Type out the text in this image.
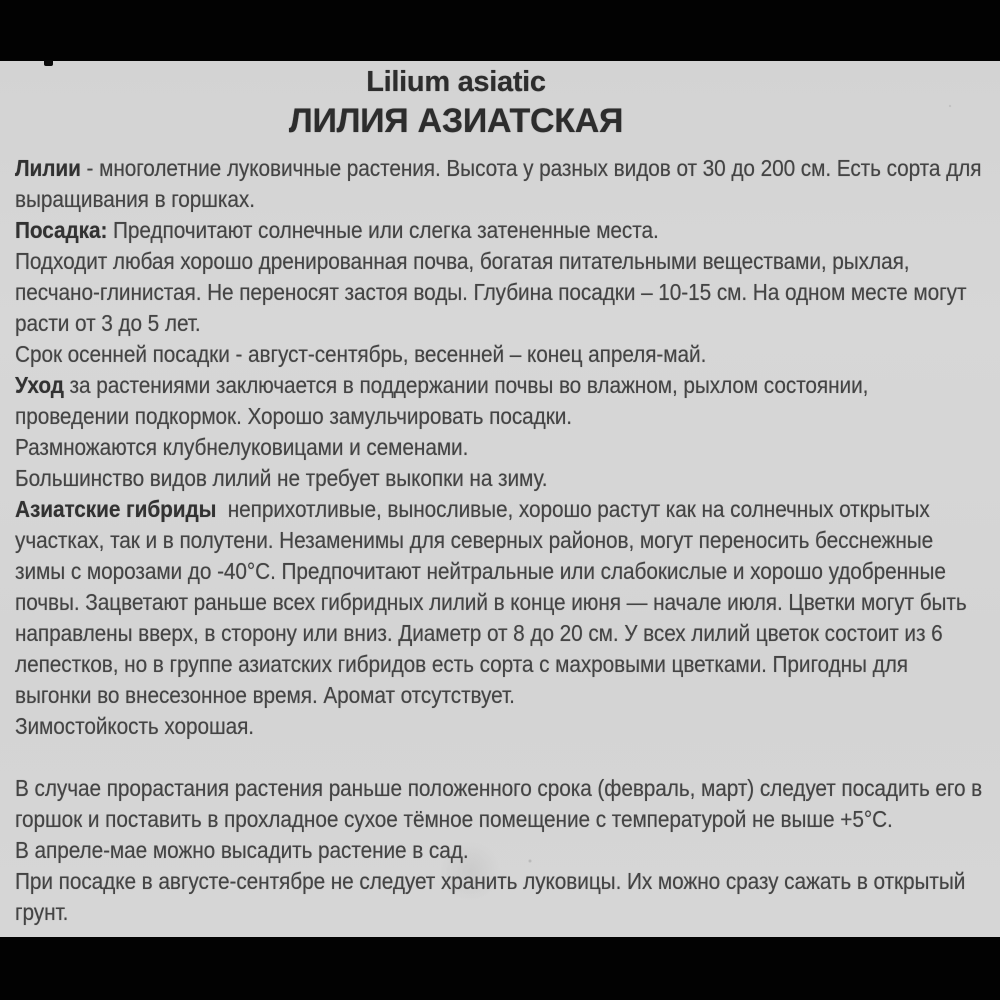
Lilium asiatic
ЛИЛИЯ АЗИАТСКАЯ

Лилии - многолетние луковичные растения. Высота у разных видов от 30 до 200 см. Есть сорта для выращивания в горшках.

Посадка: Предпочитают солнечные или слегка затененные места.

Подходит любая хорошо дренированная почва, богатая питательными веществами, рыхлая, песчано-глинистая. Не переносят застоя воды. Глубина посадки – 10-15 см. На одном месте могут расти от 3 до 5 лет.

Срок осенней посадки - август-сентябрь, весенней – конец апреля-май.

Уход за растениями заключается в поддержании почвы во влажном, рыхлом состоянии, проведении подкормок. Хорошо замульчировать посадки.

Размножаются клубнелуковицами и семенами.

Большинство видов лилий не требует выкопки на зиму.

Азиатские гибриды  неприхотливые, выносливые, хорошо растут как на солнечных открытых участках, так и в полутени. Незаменимы для северных районов, могут переносить бесснежные зимы с морозами до -40°С. Предпочитают нейтральные или слабокислые и хорошо удобренные почвы. Зацветают раньше всех гибридных лилий в конце июня — начале июля. Цветки могут быть направлены вверх, в сторону или вниз. Диаметр от 8 до 20 см. У всех лилий цветок состоит из 6 лепестков, но в группе азиатских гибридов есть сорта с махровыми цветками. Пригодны для выгонки во внесезонное время. Аромат отсутствует.

Зимостойкость хорошая.

В случае прорастания растения раньше положенного срока (февраль, март) следует посадить его в горшок и поставить в прохладное сухое тёмное помещение с температурой не выше +5°С.

В апреле-мае можно высадить растение в сад.

При посадке в августе-сентябре не следует хранить луковицы. Их можно сразу сажать в открытый грунт.
